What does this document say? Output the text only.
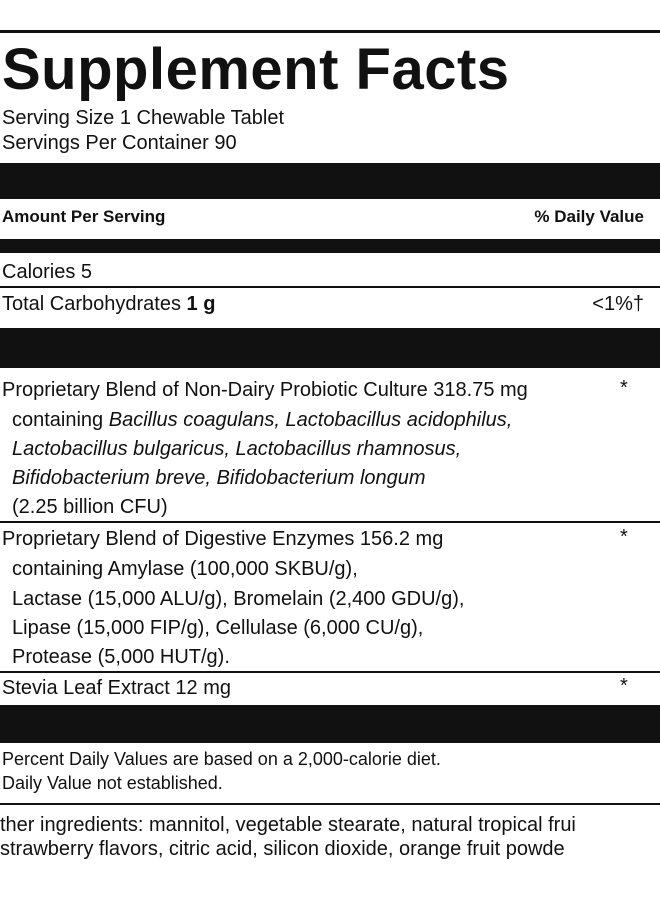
Supplement Facts
Serving Size 1 Chewable Tablet
Servings Per Container 90
Amount Per Serving	% Daily Value
Calories 5
Total Carbohydrates 1 g	<1%†
Proprietary Blend of Non-Dairy Probiotic Culture 318.75 mg	*
containing Bacillus coagulans, Lactobacillus acidophilus,
Lactobacillus bulgaricus, Lactobacillus rhamnosus,
Bifidobacterium breve, Bifidobacterium longum
(2.25 billion CFU)
Proprietary Blend of Digestive Enzymes 156.2 mg	*
containing Amylase (100,000 SKBU/g),
Lactase (15,000 ALU/g), Bromelain (2,400 GDU/g),
Lipase (15,000 FIP/g), Cellulase (6,000 CU/g),
Protease (5,000 HUT/g).
Stevia Leaf Extract 12 mg	*
Percent Daily Values are based on a 2,000-calorie diet.
Daily Value not established.
ther ingredients: mannitol, vegetable stearate, natural tropical frui
strawberry flavors, citric acid, silicon dioxide, orange fruit powde
